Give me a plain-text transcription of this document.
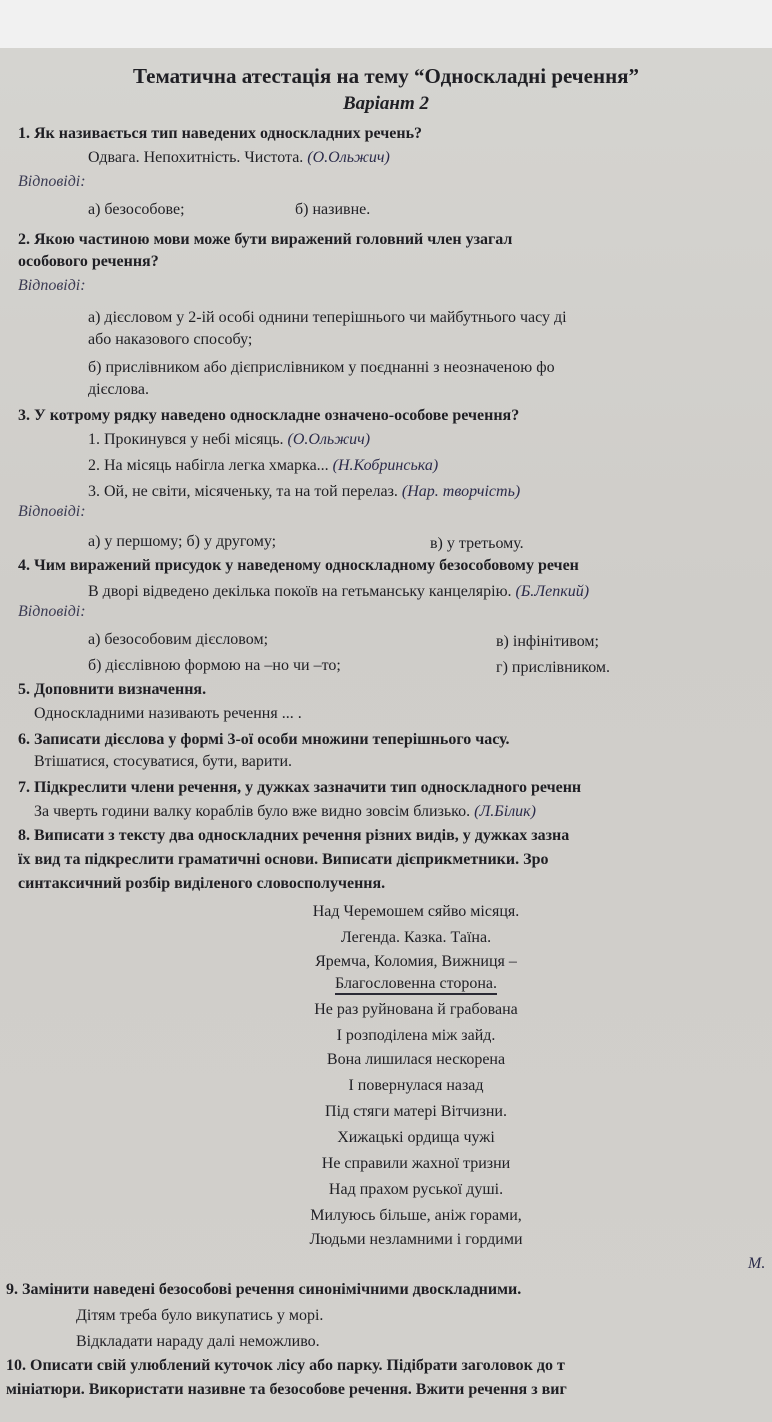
Тематична атестація на тему “Односкладні речення”
Варіант 2
1. Як називається тип наведених односкладних речень?
Одвага. Непохитність. Чистота. (О.Ольжич)
Відповіді:
а) безособове;	б) називне.
2. Якою частиною мови може бути виражений головний член узагал
особового речення?
Відповіді:
а) дієсловом у 2-ій особі однини теперішнього чи майбутнього часу ді
або наказового способу;
б) прислівником або дієприслівником у поєднанні з неозначеною фо
дієслова.
3. У котрому рядку наведено односкладне означено-особове речення?
1. Прокинувся у небі місяць. (О.Ольжич)
2. На місяць набігла легка хмарка... (Н.Кобринська)
3. Ой, не світи, місяченьку, та на той перелаз. (Нар. творчість)
Відповіді:
а) у першому; б) у другому;	в) у третьому.
4. Чим виражений присудок у наведеному односкладному безособовому речен
В дворі відведено декілька покоїв на гетьманську канцелярію. (Б.Лепкий)
Відповіді:
а) безособовим дієсловом;	в) інфінітивом;
б) дієслівною формою на –но чи –то;	г) прислівником.
5. Доповнити визначення.
Односкладними називають речення ... .
6. Записати дієслова у формі 3-ої особи множини теперішнього часу.
Втішатися, стосуватися, бути, варити.
7. Підкреслити члени речення, у дужках зазначити тип односкладного реченн
За чверть години валку кораблів було вже видно зовсім близько. (Л.Білик)
8. Виписати з тексту два односкладних речення різних видів, у дужках зазна
їх вид та підкреслити граматичні основи. Виписати дієприкметники. Зро
синтаксичний розбір виділеного словосполучення.
Над Черемошем сяйво місяця.
Легенда. Казка. Таїна.
Яремча, Коломия, Вижниця –
Благословенна сторона.
Не раз руйнована й грабована
І розподілена між зайд.
Вона лишилася нескорена
І повернулася назад
Під стяги матері Вітчизни.
Хижацькі ордища чужі
Не справили жахної тризни
Над прахом руської душі.
Милуюсь більше, аніж горами,
Людьми незламними і гордими
М.
9. Замінити наведені безособові речення синонімічними двоскладними.
Дітям треба було викупатись у морі.
Відкладати нараду далі неможливо.
10. Описати свій улюблений куточок лісу або парку. Підібрати заголовок до т
мініатюри. Використати називне та безособове речення. Вжити речення з виг
